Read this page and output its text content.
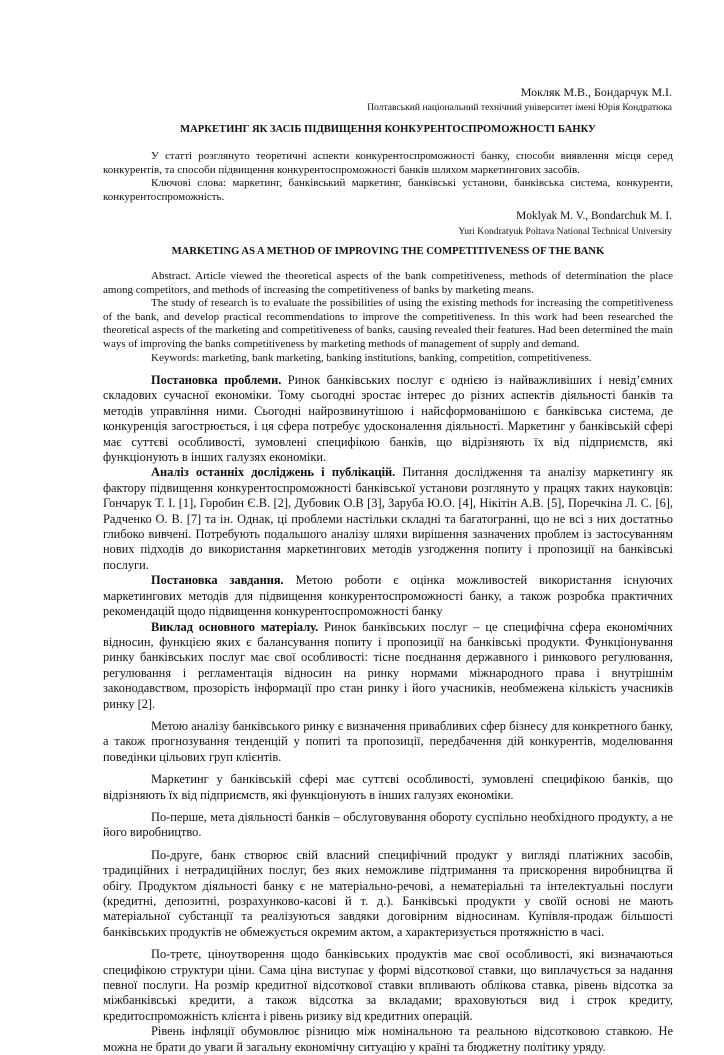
Мокляк М.В., Бондарчук М.І.
Полтавський національний технічний університет імені Юрія Кондратюка
МАРКЕТИНГ ЯК ЗАСІБ ПІДВИЩЕННЯ КОНКУРЕНТОСПРОМОЖНОСТІ БАНКУ

У статті розглянуто теоретичні аспекти конкурентоспроможності банку, способи виявлення місця серед конкурентів, та способи підвищення конкурентоспроможності банків шляхом маркетингових засобів.

Ключові слова: маркетинг, банківський маркетинг, банківські установи, банківська система, конкуренти, конкурентоспроможність.

Moklyak M. V., Bondarchuk M. I.
Yuri Kondratyuk Poltava National Technical University
MARKETING AS A METHOD OF IMPROVING THE COMPETITIVENESS OF THE BANK

Abstract. Article viewed the theoretical aspects of the bank competitiveness, methods of determination the place among competitors, and methods of increasing the competitiveness of banks by marketing means.

The study of research is to evaluate the possibilities of using the existing methods for increasing the competitiveness of the bank, and develop practical recommendations to improve the competitiveness. In this work had been researched the theoretical aspects of the marketing and competitiveness of banks, causing revealed their features. Had been determined the main ways of improving the banks competitiveness by marketing methods of management of supply and demand.

Keywords: marketing, bank marketing, banking institutions, banking, competition, competitiveness.

Постановка проблеми. Ринок банківських послуг є однією із найважливіших і невід’ємних складових сучасної економіки. Тому сьогодні зростає інтерес до різних аспектів діяльності банків та методів управління ними. Сьогодні найрозвинутішою і найсформованішою є банківська система, де конкуренція загострюється, і ця сфера потребує удосконалення діяльності. Маркетинг у банківській сфері має суттєві особливості, зумовлені специфікою банків, що відрізняють їх від підприємств, які функціонують в інших галузях економіки.

Аналіз останніх досліджень і публікацій. Питання дослідження та аналізу маркетингу як фактору підвищення конкурентоспроможності банківської установи розглянуто у працях таких науковців: Гончарук Т. І. [1], Горобин Є.В. [2], Дубовик О.В [3], Заруба Ю.О. [4], Нікітін А.В. [5], Поречкіна Л. С. [6], Радченко О. В. [7] та ін. Однак, ці проблеми настільки складні та багатогранні, що не всі з них достатньо глибоко вивчені. Потребують подальшого аналізу шляхи вирішення зазначених проблем із застосуванням нових підходів до використання маркетингових методів узгодження попиту і пропозиції на банківські послуги.

Постановка завдання. Метою роботи є оцінка можливостей використання існуючих маркетингових методів для підвищення конкурентоспроможності банку, а також розробка практичних рекомендацій щодо підвищення конкурентоспроможності банку

Виклад основного матеріалу. Ринок банківських послуг – це специфічна сфера економічних відносин, функцією яких є балансування попиту і пропозиції на банківські продукти. Функціонування ринку банківських послуг має свої особливості: тісне поєднання державного і ринкового регулювання, регулювання і регламентація відносин на ринку нормами міжнародного права і внутрішнім законодавством, прозорість інформації про стан ринку і його учасників, необмежена кількість учасників ринку [2].

Метою аналізу банківського ринку є визначення привабливих сфер бізнесу для конкретного банку, а також прогнозування тенденцій у попиті та пропозиції, передбачення дій конкурентів, моделювання поведінки цільових груп клієнтів.

Маркетинг у банківській сфері має суттєві особливості, зумовлені специфікою банків, що відрізняють їх від підприємств, які функціонують в інших галузях економіки.

По-перше, мета діяльності банків – обслуговування обороту суспільно необхідного продукту, а не його виробництво.

По-друге, банк створює свій власний специфічний продукт у вигляді платіжних засобів, традиційних і нетрадиційних послуг, без яких неможливе підтримання та прискорення виробництва й обігу. Продуктом діяльності банку є не матеріально-речові, а нематеріальні та інтелектуальні послуги (кредитні, депозитні, розрахунково-касові й т. д.). Банківські продукти у своїй основі не мають матеріальної субстанції та реалізуються завдяки договірним відносинам. Купівля-продаж більшості банківських продуктів не обмежується окремим актом, а характеризується протяжністю в часі.

По-третє, ціноутворення щодо банківських продуктів має свої особливості, які визначаються специфікою структури ціни. Сама ціна виступає у формі відсоткової ставки, що виплачується за надання певної послуги. На розмір кредитної відсоткової ставки впливають облікова ставка, рівень відсотка за міжбанківські кредити, а також відсотка за вкладами; враховуються вид і строк кредиту, кредитоспроможність клієнта і рівень ризику від кредитних операцій.

Рівень інфляції обумовлює різницю між номінальною та реальною відсотковою ставкою. Не можна не брати до уваги й загальну економічну ситуацію у країні та бюджетну політику уряду.
